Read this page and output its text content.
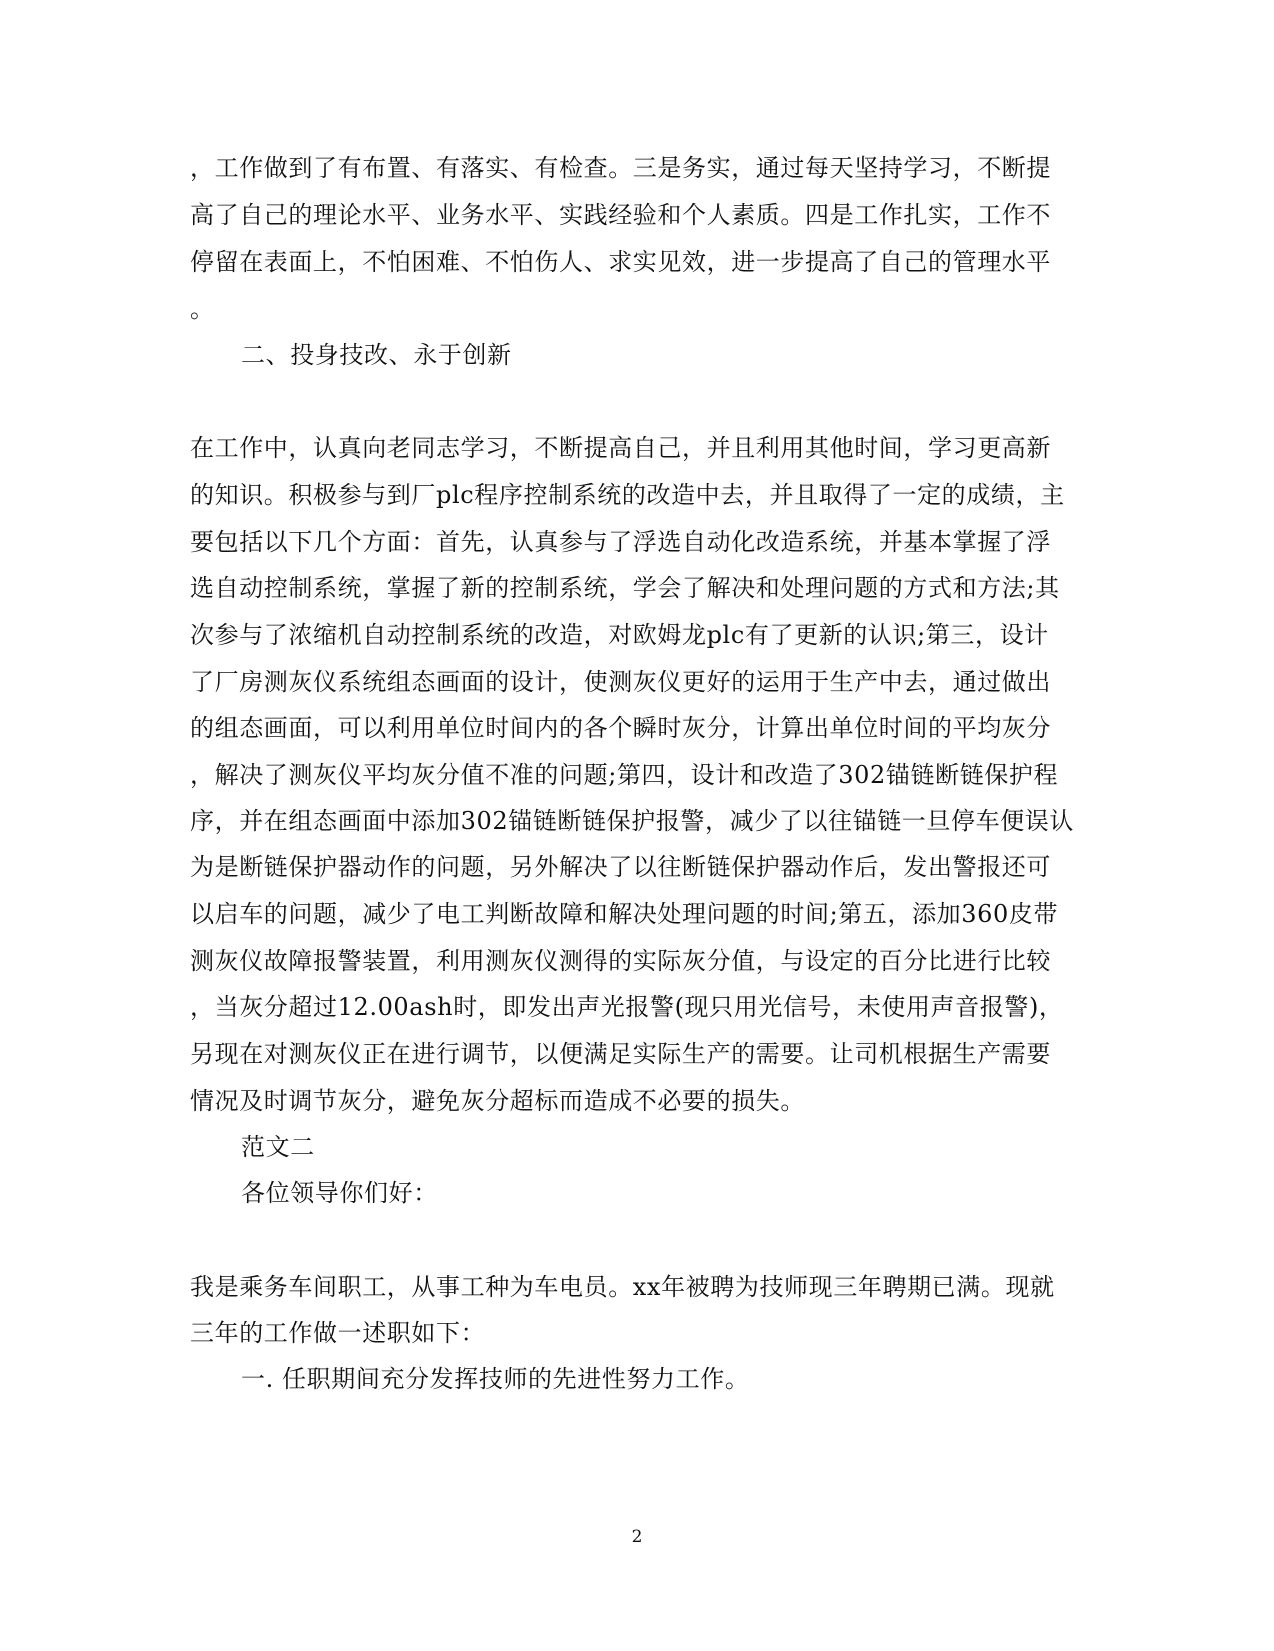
，工作做到了有布置、有落实、有检查。三是务实，通过每天坚持学习，不断提
高了自己的理论水平、业务水平、实践经验和个人素质。四是工作扎实，工作不
停留在表面上，不怕困难、不怕伤人、求实见效，进一步提高了自己的管理水平
。
二、投身技改、永于创新
在工作中，认真向老同志学习，不断提高自己，并且利用其他时间，学习更高新
的知识。积极参与到厂plc程序控制系统的改造中去，并且取得了一定的成绩，主
要包括以下几个方面：首先，认真参与了浮选自动化改造系统，并基本掌握了浮
选自动控制系统，掌握了新的控制系统，学会了解决和处理问题的方式和方法;其
次参与了浓缩机自动控制系统的改造，对欧姆龙plc有了更新的认识;第三，设计
了厂房测灰仪系统组态画面的设计，使测灰仪更好的运用于生产中去，通过做出
的组态画面，可以利用单位时间内的各个瞬时灰分，计算出单位时间的平均灰分
，解决了测灰仪平均灰分值不准的问题;第四，设计和改造了302锚链断链保护程
序，并在组态画面中添加302锚链断链保护报警，减少了以往锚链一旦停车便误认
为是断链保护器动作的问题，另外解决了以往断链保护器动作后，发出警报还可
以启车的问题，减少了电工判断故障和解决处理问题的时间;第五，添加360皮带
测灰仪故障报警装置，利用测灰仪测得的实际灰分值，与设定的百分比进行比较
，当灰分超过12.00ash时，即发出声光报警(现只用光信号，未使用声音报警)，
另现在对测灰仪正在进行调节，以便满足实际生产的需要。让司机根据生产需要
情况及时调节灰分，避免灰分超标而造成不必要的损失。
范文二
各位领导你们好：
我是乘务车间职工，从事工种为车电员。xx年被聘为技师现三年聘期已满。现就
三年的工作做一述职如下：
一. 任职期间充分发挥技师的先进性努力工作。
2
